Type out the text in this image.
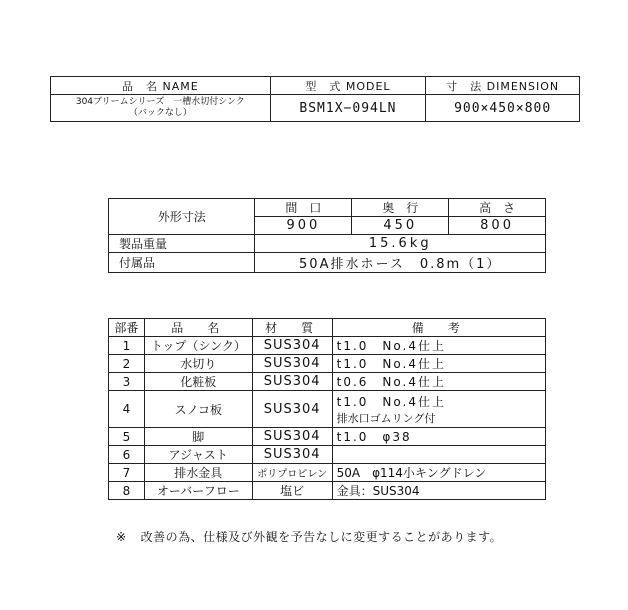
品　名 NAME	型　式 MODEL	寸　法 DIMENSION
304ブリームシリーズ　一槽水切付シンク
（バックなし）	BSM1X−094LN	900×450×800
外形寸法	間　口	奥　行	高　さ
	900	450	800
製品重量	15.6kg		
付属品	50A排水ホース　0.8m（1）		
部番	品　名	材　質	備　考
1	トップ（シンク）	SUS304	t1.0　No.4仕上
2	水切り	SUS304	t1.0　No.4仕上
3	化粧板	SUS304	t0.6　No.4仕上
4	スノコ板	SUS304	t1.0　No.4仕上
排水口ゴムリング付

5	脚	SUS304	t1.0　φ38
6	アジャスト	SUS304	
7	排水金具	ポリプロピレン	50A　φ114小キングドレン
8	オーバーフロー	塩ビ	金具：SUS304
※ 改善の為、仕様及び外観を予告なしに変更することがあります。
